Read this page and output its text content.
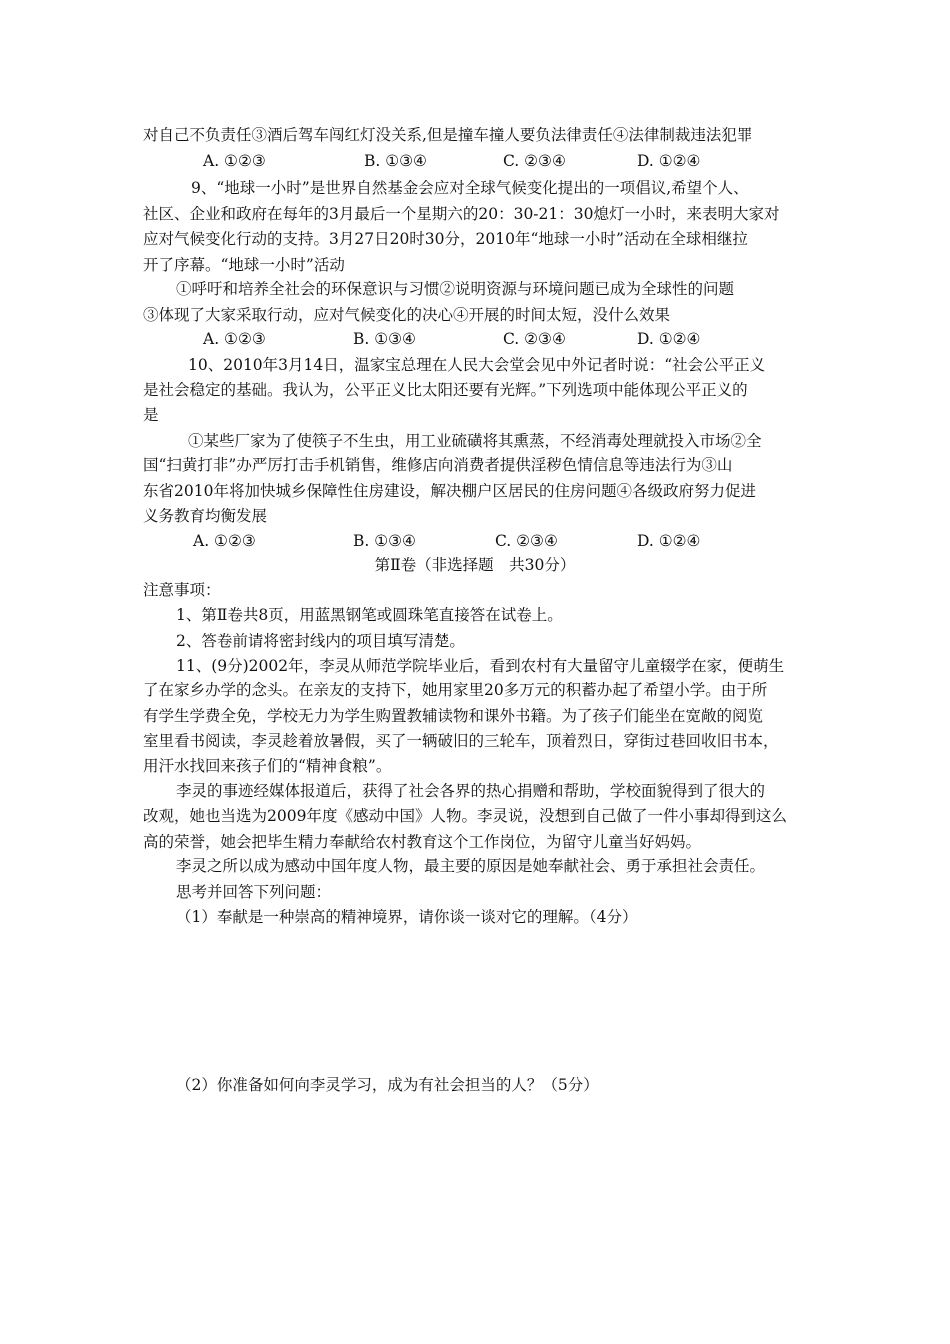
对自己不负责任③酒后驾车闯红灯没关系,但是撞车撞人要负法律责任④法律制裁违法犯罪
A. ①②③	B. ①③④	C. ②③④	D. ①②④
9、“地球一小时”是世界自然基金会应对全球气候变化提出的一项倡议,希望个人、
社区、企业和政府在每年的3月最后一个星期六的20：30-21：30熄灯一小时，来表明大家对
应对气候变化行动的支持。3月27日20时30分，2010年“地球一小时”活动在全球相继拉
开了序幕。“地球一小时”活动
①呼吁和培养全社会的环保意识与习惯②说明资源与环境问题已成为全球性的问题
③体现了大家采取行动，应对气候变化的决心④开展的时间太短，没什么效果
A. ①②③	B. ①③④	C. ②③④	D. ①②④
10、2010年3月14日，温家宝总理在人民大会堂会见中外记者时说：“社会公平正义
是社会稳定的基础。我认为，公平正义比太阳还要有光辉。”下列选项中能体现公平正义的
是
①某些厂家为了使筷子不生虫，用工业硫磺将其熏蒸，不经消毒处理就投入市场②全
国“扫黄打非”办严厉打击手机销售，维修店向消费者提供淫秽色情信息等违法行为③山
东省2010年将加快城乡保障性住房建设，解决棚户区居民的住房问题④各级政府努力促进
义务教育均衡发展
A. ①②③	B. ①③④	C. ②③④	D. ①②④
第Ⅱ卷（非选择题　共30分）
注意事项：
1、第Ⅱ卷共8页，用蓝黑钢笔或圆珠笔直接答在试卷上。
2、答卷前请将密封线内的项目填写清楚。
11、(9分)2002年，李灵从师范学院毕业后，看到农村有大量留守儿童辍学在家，便萌生
了在家乡办学的念头。在亲友的支持下，她用家里20多万元的积蓄办起了希望小学。由于所
有学生学费全免，学校无力为学生购置教辅读物和课外书籍。为了孩子们能坐在宽敞的阅览
室里看书阅读，李灵趁着放暑假，买了一辆破旧的三轮车，顶着烈日，穿街过巷回收旧书本，
用汗水找回来孩子们的“精神食粮”。
李灵的事迹经媒体报道后，获得了社会各界的热心捐赠和帮助，学校面貌得到了很大的
改观，她也当选为2009年度《感动中国》人物。李灵说，没想到自己做了一件小事却得到这么
高的荣誉，她会把毕生精力奉献给农村教育这个工作岗位，为留守儿童当好妈妈。
李灵之所以成为感动中国年度人物，最主要的原因是她奉献社会、勇于承担社会责任。
思考并回答下列问题：
（1）奉献是一种崇高的精神境界，请你谈一谈对它的理解。（4分）
（2）你准备如何向李灵学习，成为有社会担当的人？（5分）
